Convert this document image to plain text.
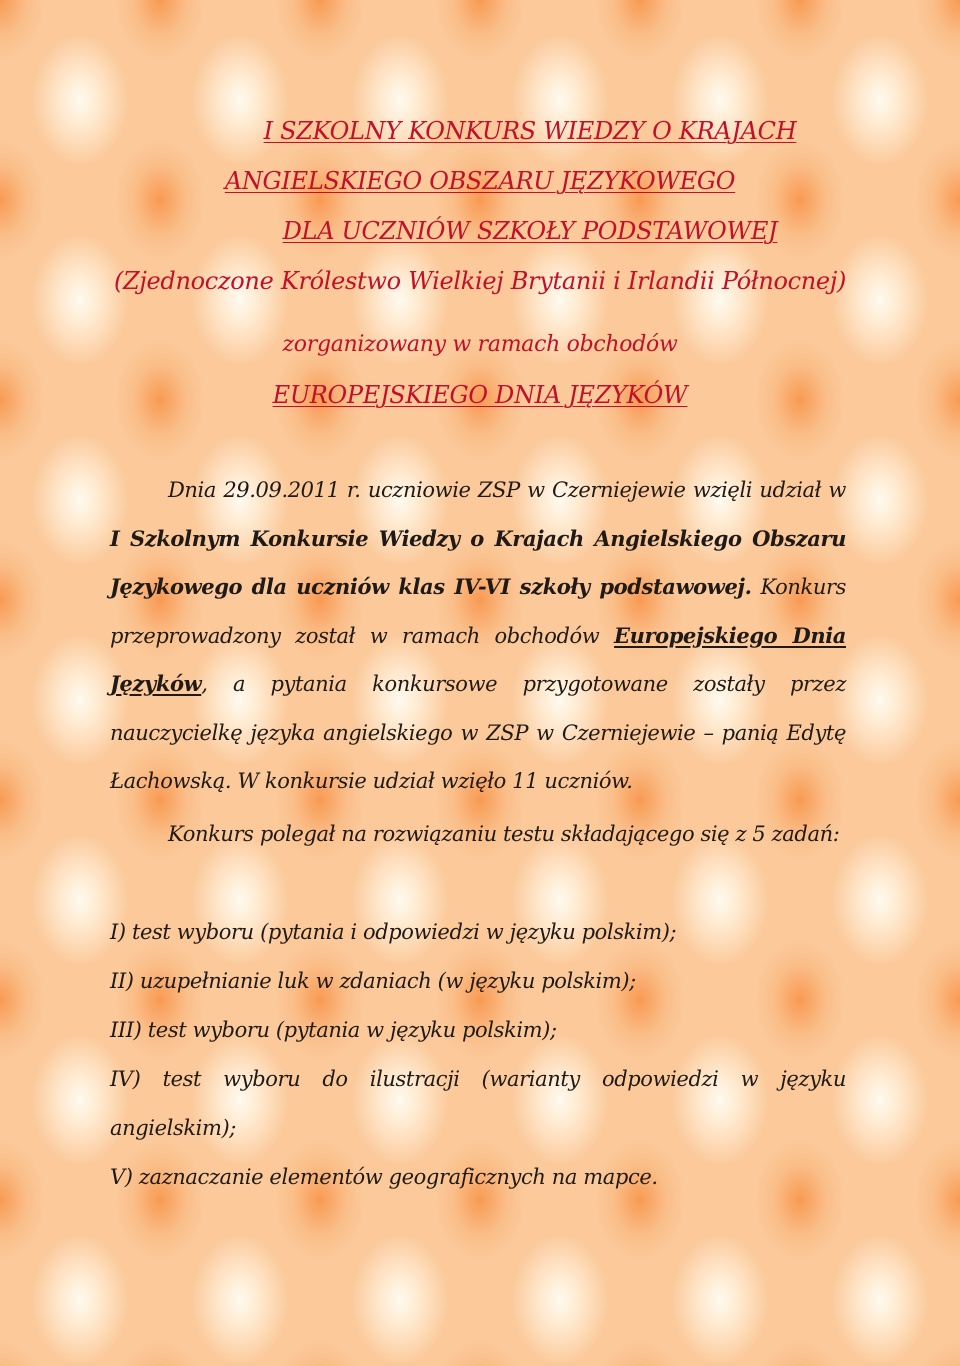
I SZKOLNY KONKURS WIEDZY O KRAJACH
ANGIELSKIEGO OBSZARU JĘZYKOWEGO
DLA UCZNIÓW SZKOŁY PODSTAWOWEJ
(Zjednoczone Królestwo Wielkiej Brytanii i Irlandii Północnej)
zorganizowany w ramach obchodów
EUROPEJSKIEGO DNIA JĘZYKÓW
Dnia 29.09.2011 r. uczniowie ZSP w Czerniejewie wzięli udział w I Szkolnym Konkursie Wiedzy o Krajach Angielskiego Obszaru Językowego dla uczniów klas IV-VI szkoły podstawowej. Konkurs przeprowadzony został w ramach obchodów Europejskiego Dnia Języków, a pytania konkursowe przygotowane zostały przez nauczycielkę języka angielskiego w ZSP w Czerniejewie – panią Edytę Łachowską. W konkursie udział wzięło 11 uczniów.
Konkurs polegał na rozwiązaniu testu składającego się z 5 zadań:
I) test wyboru (pytania i odpowiedzi w języku polskim);
II) uzupełnianie luk w zdaniach (w języku polskim);
III) test wyboru (pytania w języku polskim);
IV) test wyboru do ilustracji (warianty odpowiedzi w języku angielskim);
V) zaznaczanie elementów geograficznych na mapce.
